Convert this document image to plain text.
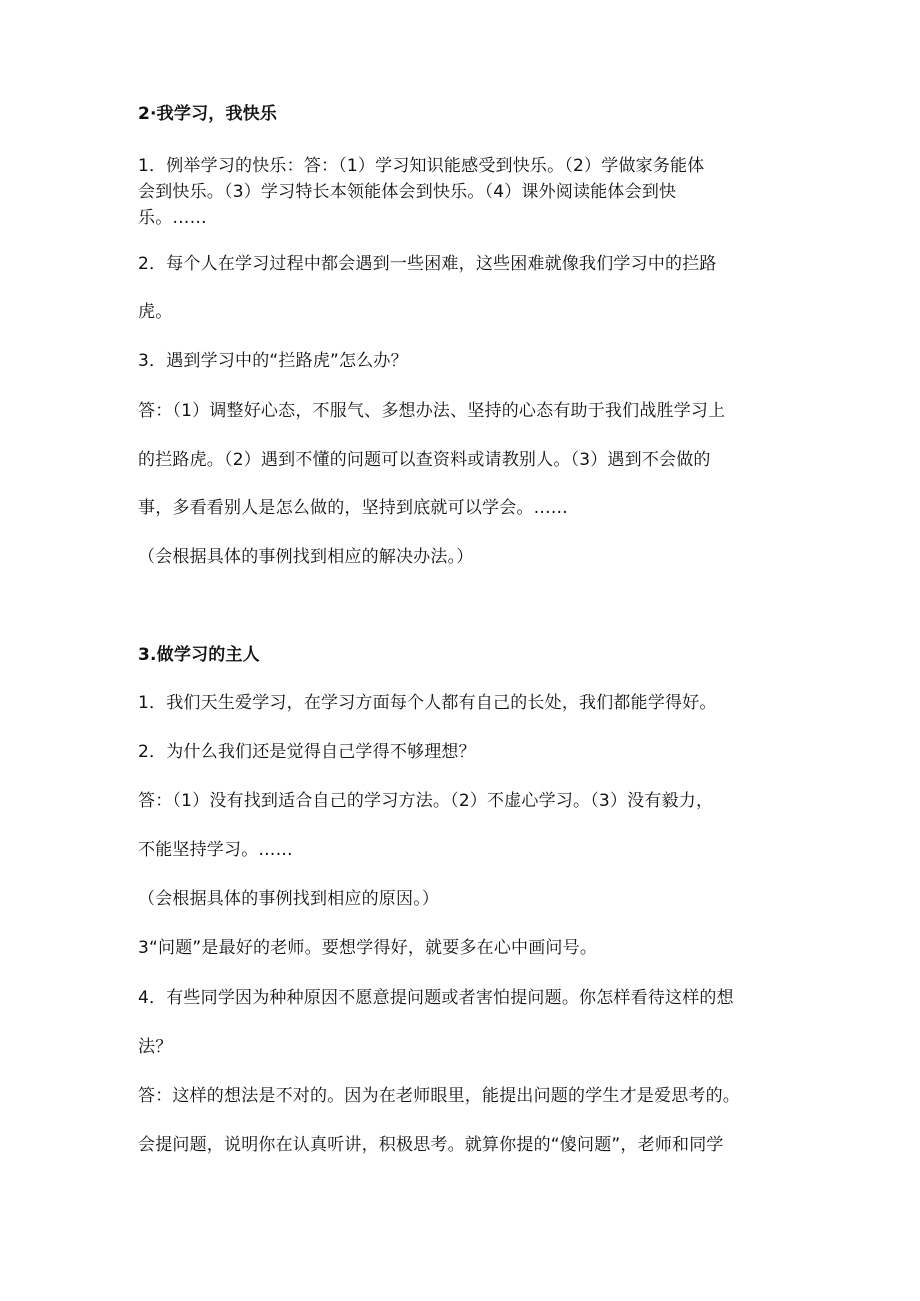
2·我学习，我快乐
1．例举学习的快乐：答：（1）学习知识能感受到快乐。（2）学做家务能体
会到快乐。（3）学习特长本领能体会到快乐。（4）课外阅读能体会到快
乐。……
2．每个人在学习过程中都会遇到一些困难，这些困难就像我们学习中的拦路
虎。
3．遇到学习中的“拦路虎”怎么办？
答：（1）调整好心态，不服气、多想办法、坚持的心态有助于我们战胜学习上
的拦路虎。（2）遇到不懂的问题可以查资料或请教别人。（3）遇到不会做的
事，多看看别人是怎么做的，坚持到底就可以学会。……
（会根据具体的事例找到相应的解决办法。）
3.做学习的主人
1．我们天生爱学习，在学习方面每个人都有自己的长处，我们都能学得好。
2．为什么我们还是觉得自己学得不够理想？
答：（1）没有找到适合自己的学习方法。（2）不虚心学习。（3）没有毅力，
不能坚持学习。……
（会根据具体的事例找到相应的原因。）
3“问题”是最好的老师。要想学得好，就要多在心中画问号。
4．有些同学因为种种原因不愿意提问题或者害怕提问题。你怎样看待这样的想
法？
答：这样的想法是不对的。因为在老师眼里，能提出问题的学生才是爱思考的。
会提问题，说明你在认真听讲，积极思考。就算你提的“傻问题”，老师和同学
